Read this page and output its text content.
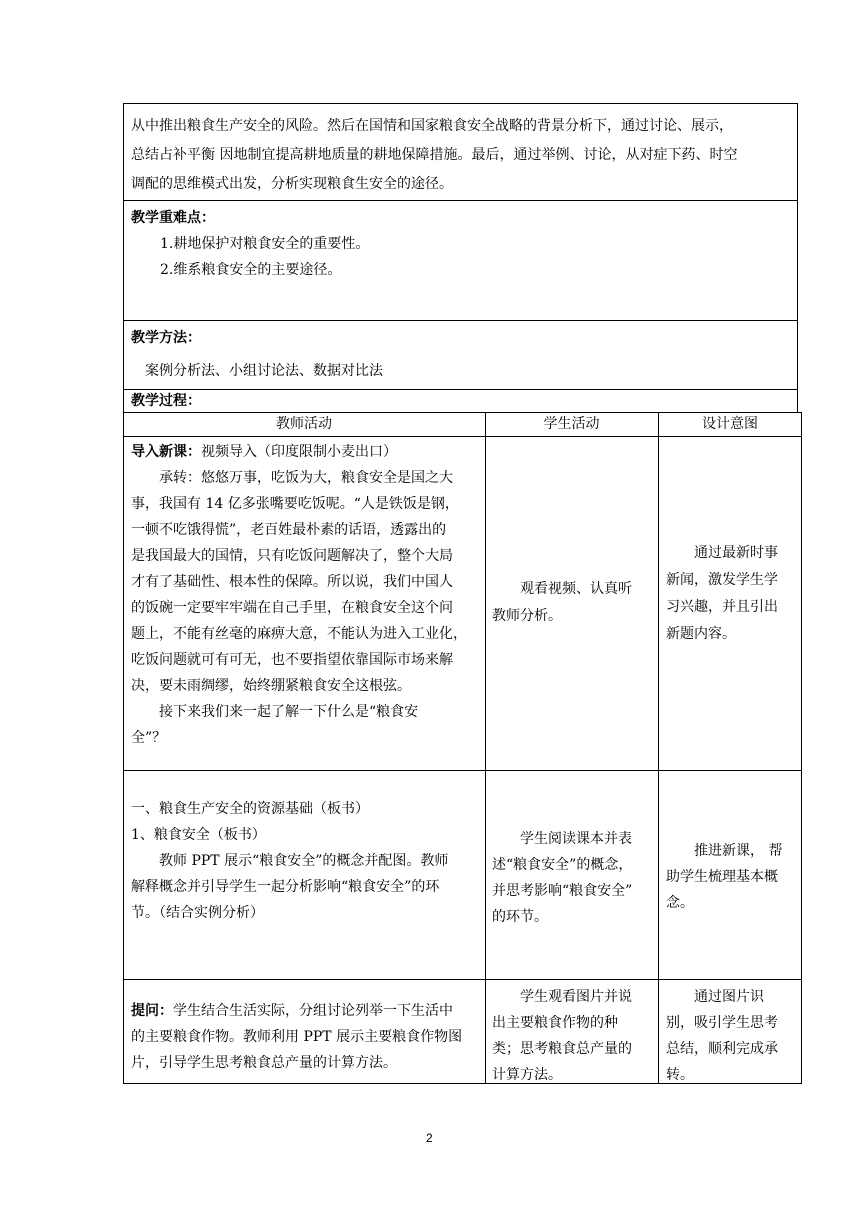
从中推出粮食生产安全的风险。然后在国情和国家粮食安全战略的背景分析下，通过讨论、展示，
总结占补平衡 因地制宜提高耕地质量的耕地保障措施。最后，通过举例、讨论，从对症下药、时空
调配的思维模式出发，分析实现粮食生安全的途径。
教学重难点：
1.耕地保护对粮食安全的重要性。
2.维系粮食安全的主要途径。
教学方法：
案例分析法、小组讨论法、数据对比法
教学过程：
教师活动	学生活动	设计意图
导入新课：视频导入（印度限制小麦出口）
　　承转：悠悠万事，吃饭为大，粮食安全是国之大
事，我国有 14 亿多张嘴要吃饭呢。“人是铁饭是钢，
一顿不吃饿得慌”，老百姓最朴素的话语，透露出的
是我国最大的国情，只有吃饭问题解决了，整个大局
才有了基础性、根本性的保障。所以说，我们中国人
的饭碗一定要牢牢端在自己手里，在粮食安全这个问
题上，不能有丝毫的麻痹大意，不能认为进入工业化，
吃饭问题就可有可无，也不要指望依靠国际市场来解
决，要未雨绸缪，始终绷紧粮食安全这根弦。
　　接下来我们来一起了解一下什么是“粮食安
全”？
　　观看视频、认真听
教师分析。
　　通过最新时事
新闻，激发学生学
习兴趣，并且引出
新题内容。
一、粮食生产安全的资源基础（板书）
1、粮食安全（板书）
　　教师 PPT 展示“粮食安全”的概念并配图。教师
解释概念并引导学生一起分析影响“粮食安全”的环
节。（结合实例分析）
　　学生阅读课本并表
述“粮食安全”的概念，
并思考影响“粮食安全”
的环节。
　　推进新课， 帮
助学生梳理基本概
念。
提问：学生结合生活实际，分组讨论列举一下生活中
的主要粮食作物。教师利用 PPT 展示主要粮食作物图
片，引导学生思考粮食总产量的计算方法。
　　学生观看图片并说
出主要粮食作物的种
类；思考粮食总产量的
计算方法。
　　通过图片识
别，吸引学生思考
总结，顺利完成承
转。
2
